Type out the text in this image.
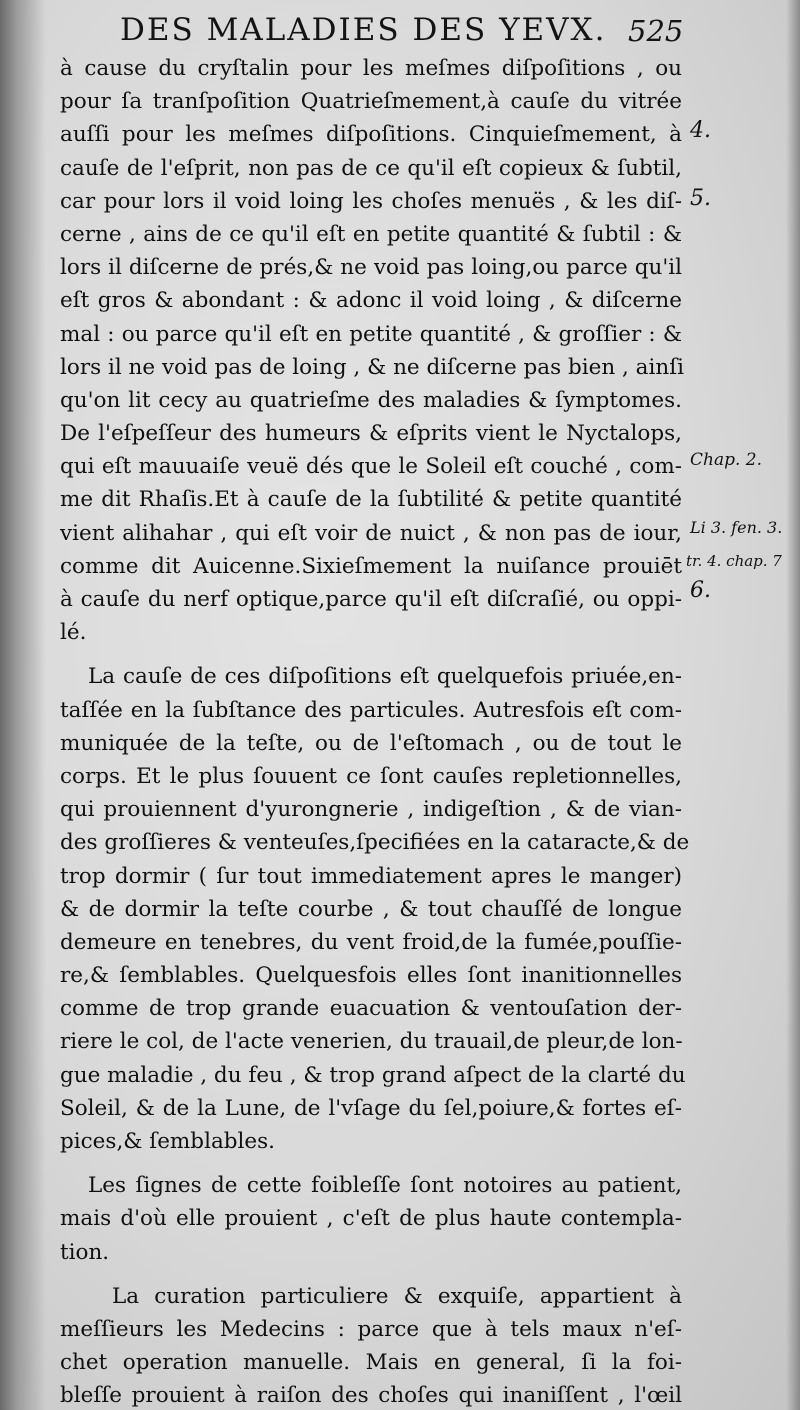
DES MALADIES DES YEVX. 525
à cause du cryſtalin pour les meſmes diſpoſitions , ou
pour ſa tranſpoſition Quatrieſmement,à cauſe du vitrée
auſſi pour les meſmes diſpoſitions. Cinquieſmement, à
cauſe de l'eſprit, non pas de ce qu'il eſt copieux & ſubtil,
car pour lors il void loing les choſes menuës , & les diſ-
cerne , ains de ce qu'il eſt en petite quantité & ſubtil : &
lors il diſcerne de prés,& ne void pas loing,ou parce qu'il
eſt gros & abondant : & adonc il void loing , & diſcerne
mal : ou parce qu'il eſt en petite quantité , & groſſier : &
lors il ne void pas de loing , & ne diſcerne pas bien , ainſi
qu'on lit cecy au quatrieſme des maladies & ſymptomes.
De l'eſpeſſeur des humeurs & eſprits vient le Nyctalops,
qui eſt mauuaiſe veuë dés que le Soleil eſt couché , com-
me dit Rhaſis.Et à cauſe de la ſubtilité & petite quantité
vient alihahar , qui eſt voir de nuict , & non pas de iour,
comme dit Auicenne.Sixieſmement la nuiſance prouiēt
à cauſe du nerf optique,parce qu'il eſt diſcraſié, ou oppi-
lé.
La cauſe de ces diſpoſitions eſt quelquefois priuée,en-
taſſée en la ſubſtance des particules. Autresfois eſt com-
muniquée de la teſte, ou de l'eſtomach , ou de tout le
corps. Et le plus ſouuent ce ſont cauſes repletionnelles,
qui prouiennent d'yurongnerie , indigeſtion , & de vian-
des groſſieres & venteuſes,ſpecifiées en la cataracte,& de
trop dormir ( ſur tout immediatement apres le manger)
& de dormir la teſte courbe , & tout chauſſé de longue
demeure en tenebres, du vent froid,de la fumée,pouſſie-
re,& ſemblables. Quelquesfois elles ſont inanitionnelles
comme de trop grande euacuation & ventouſation der-
riere le col, de l'acte venerien, du trauail,de pleur,de lon-
gue maladie , du feu , & trop grand aſpect de la clarté du
Soleil, & de la Lune, de l'vſage du ſel,poiure,& fortes eſ-
pices,& ſemblables.
Les ſignes de cette foibleſſe ſont notoires au patient,
mais d'où elle prouient , c'eſt de plus haute contempla-
tion.
La curation particuliere & exquiſe, appartient à
meſſieurs les Medecins : parce que à tels maux n'eſ-
chet operation manuelle. Mais en general, ſi la foi-
bleſſe prouient à raiſon des choſes qui inaniſſent , l'œil
4.
5.
Chap. 2.
Li 3. fen. 3.
tr. 4. chap. 7
6.
